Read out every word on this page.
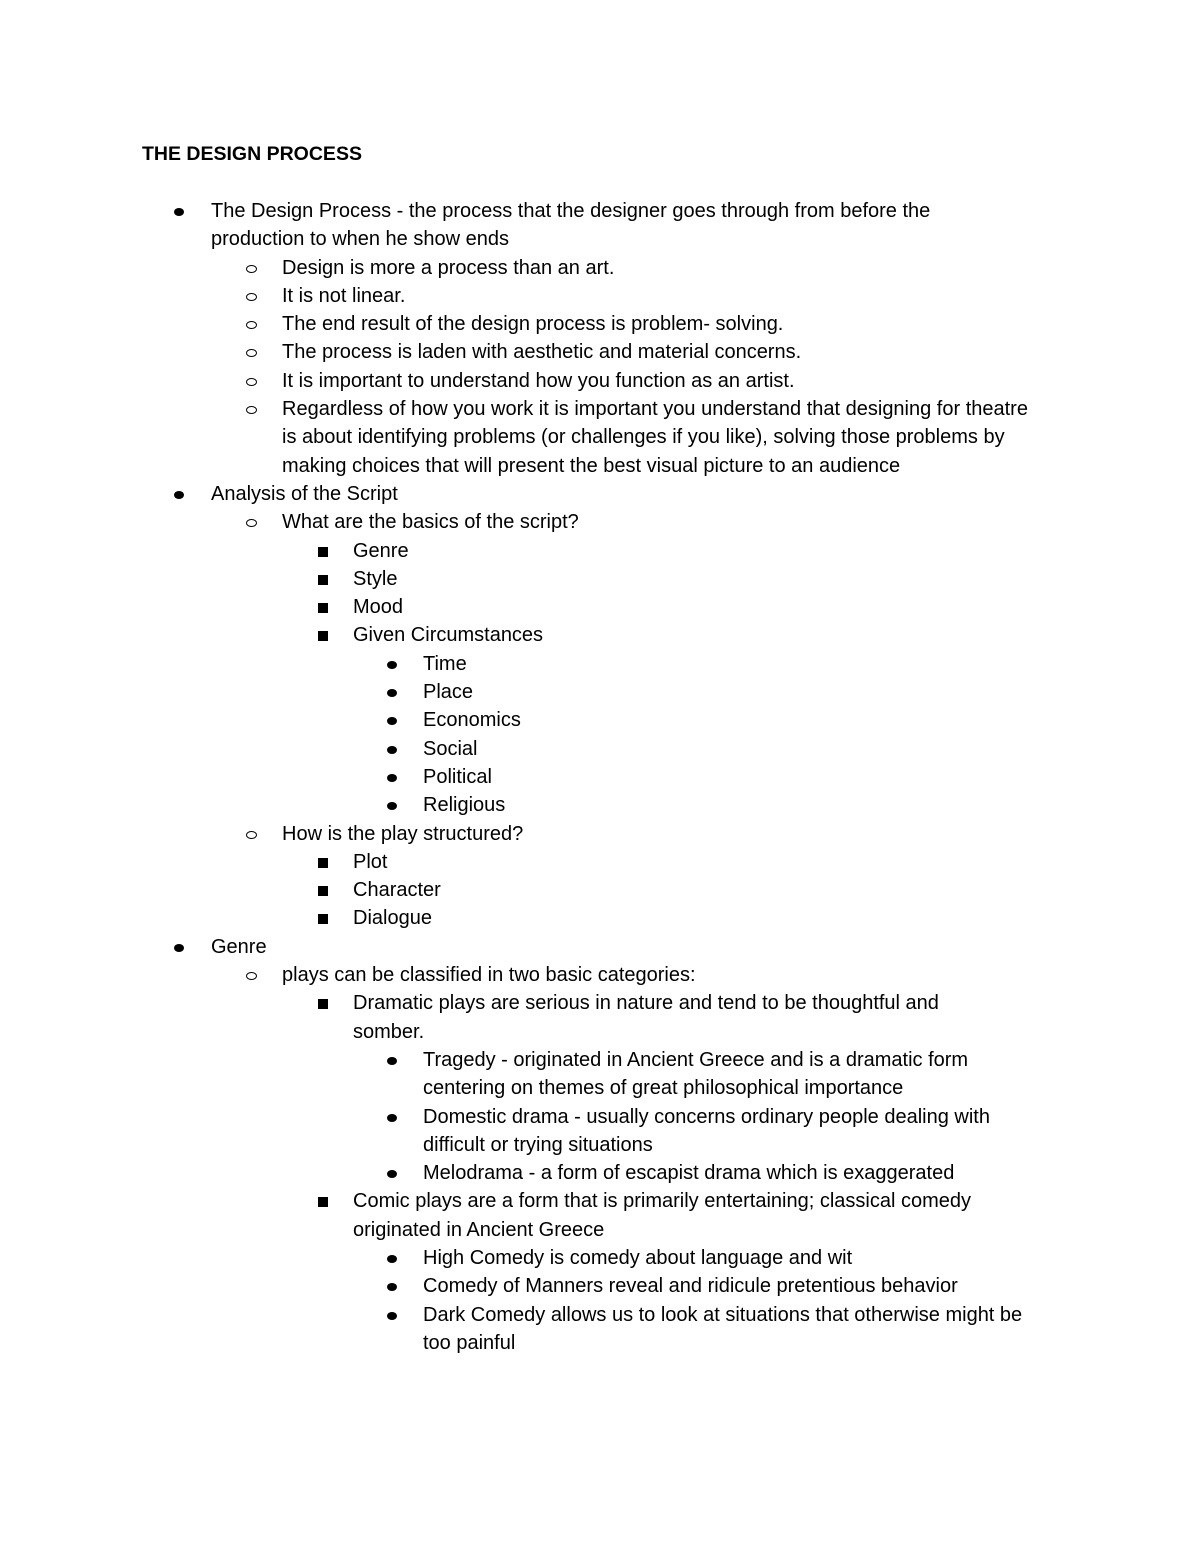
THE DESIGN PROCESS
The Design Process - the process that the designer goes through from before the production to when he show ends
Design is more a process than an art.
It is not linear.
The end result of the design process is problem- solving.
The process is laden with aesthetic and material concerns.
It is important to understand how you function as an artist.
Regardless of how you work it is important you understand that designing for theatre is about identifying problems (or challenges if you like), solving those problems by making choices that will present the best visual picture to an audience
Analysis of the Script
What are the basics of the script?
Genre
Style
Mood
Given Circumstances
Time
Place
Economics
Social
Political
Religious
How is the play structured?
Plot
Character
Dialogue
Genre
plays can be classified in two basic categories:
Dramatic plays are serious in nature and tend to be thoughtful and somber.
Tragedy - originated in Ancient Greece and is a dramatic form centering on themes of great philosophical importance
Domestic drama - usually concerns ordinary people dealing with difficult or trying situations
Melodrama - a form of escapist drama which is exaggerated
Comic plays are a form that is primarily entertaining; classical comedy originated in Ancient Greece
High Comedy is comedy about language and wit
Comedy of Manners reveal and ridicule pretentious behavior
Dark Comedy allows us to look at situations that otherwise might be too painful
